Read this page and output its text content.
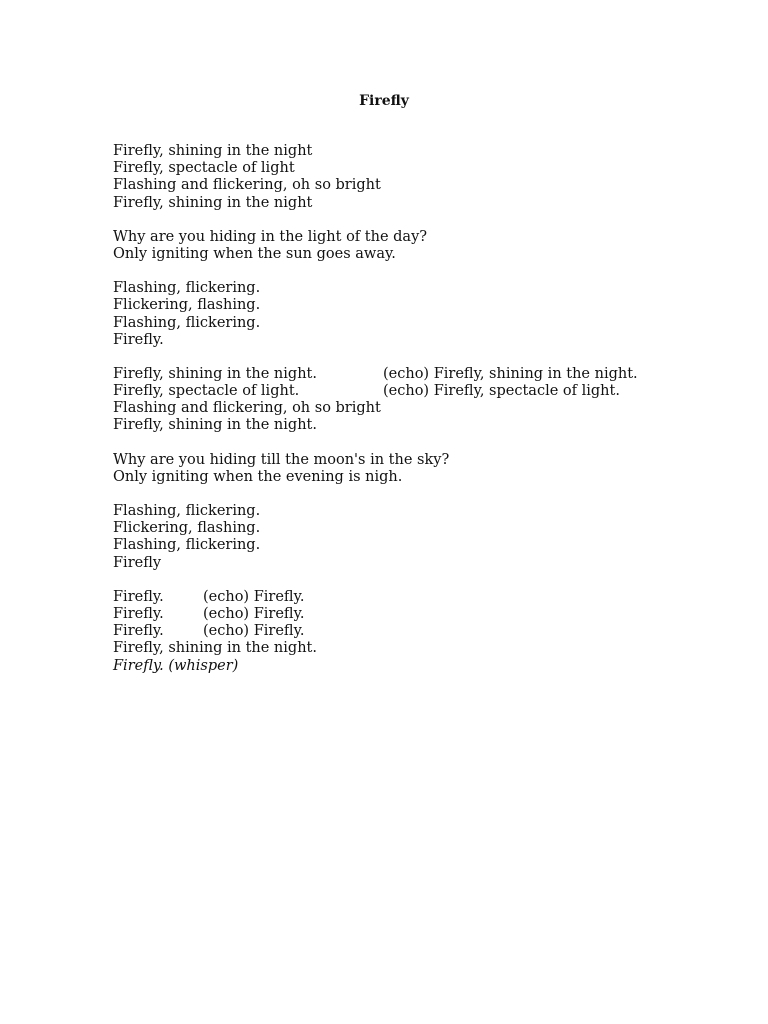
Firefly
Firefly, shining in the night
Firefly, spectacle of light
Flashing and flickering, oh so bright
Firefly, shining in the night
Why are you hiding in the light of the day?
Only igniting when the sun goes away.
Flashing, flickering.
Flickering, flashing.
Flashing, flickering.
Firefly.
Firefly, shining in the night.	(echo) Firefly, shining in the night.
Firefly, spectacle of light.	(echo) Firefly, spectacle of light.
Flashing and flickering, oh so bright
Firefly, shining in the night.
Why are you hiding till the moon's in the sky?
Only igniting when the evening is nigh.
Flashing, flickering.
Flickering, flashing.
Flashing, flickering.
Firefly
Firefly.	(echo) Firefly.
Firefly.	(echo) Firefly.
Firefly.	(echo) Firefly.
Firefly, shining in the night.
Firefly. (whisper)
